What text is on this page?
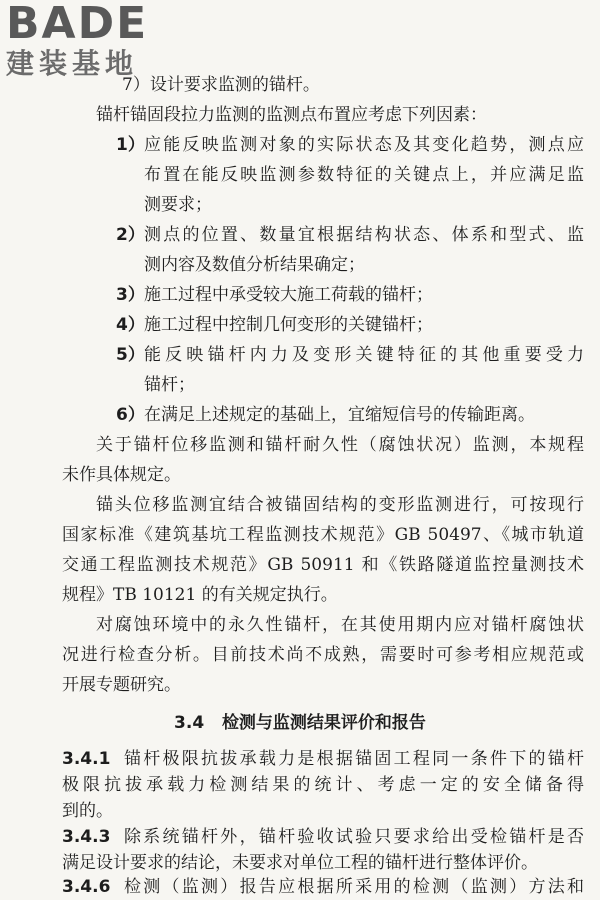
BADE
建装基地
7）设计要求监测的锚杆。
锚杆锚固段拉力监测的监测点布置应考虑下列因素：
1） 应能反映监测对象的实际状态及其变化趋势，测点应
布置在能反映监测参数特征的关键点上，并应满足监
测要求；
2） 测点的位置、数量宜根据结构状态、体系和型式、监
测内容及数值分析结果确定；
3） 施工过程中承受较大施工荷载的锚杆；
4） 施工过程中控制几何变形的关键锚杆；
5） 能反映锚杆内力及变形关键特征的其他重要受力
锚杆；
6） 在满足上述规定的基础上，宜缩短信号的传输距离。
关于锚杆位移监测和锚杆耐久性（腐蚀状况）监测，本规程
未作具体规定。
锚头位移监测宜结合被锚固结构的变形监测进行，可按现行
国家标准《建筑基坑工程监测技术规范》GB 50497、《城市轨道
交通工程监测技术规范》GB 50911 和《铁路隧道监控量测技术
规程》TB 10121 的有关规定执行。
对腐蚀环境中的永久性锚杆，在其使用期内应对锚杆腐蚀状
况进行检查分析。目前技术尚不成熟，需要时可参考相应规范或
开展专题研究。
3.4 检测与监测结果评价和报告
3.4.1 锚杆极限抗拔承载力是根据锚固工程同一条件下的锚杆
极限抗拔承载力检测结果的统计、考虑一定的安全储备得
到的。
3.4.3 除系统锚杆外，锚杆验收试验只要求给出受检锚杆是否
满足设计要求的结论，未要求对单位工程的锚杆进行整体评价。
3.4.6 检测（监测）报告应根据所采用的检测（监测）方法和
